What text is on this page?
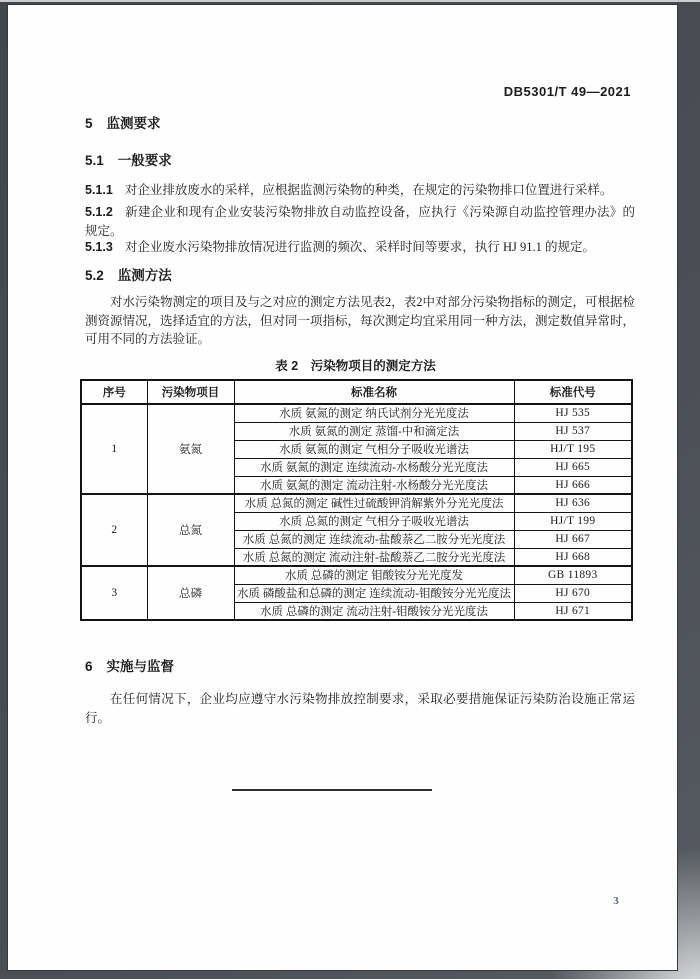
DB5301/T 49—2021
5 监测要求
5.1 一般要求
5.1.1 对企业排放废水的采样，应根据监测污染物的种类，在规定的污染物排口位置进行采样。
5.1.2 新建企业和现有企业安装污染物排放自动监控设备，应执行《污染源自动监控管理办法》的规定。
5.1.3 对企业废水污染物排放情况进行监测的频次、采样时间等要求，执行 HJ 91.1 的规定。
5.2 监测方法
对水污染物测定的项目及与之对应的测定方法见表2，表2中对部分污染物指标的测定，可根据检测资源情况，选择适宜的方法，但对同一项指标，每次测定均宜采用同一种方法，测定数值异常时，可用不同的方法验证。
表 2　污染物项目的测定方法
序号	污染物项目	标准名称	标准代号
1	氨氮	水质 氨氮的测定 纳氏试剂分光光度法	HJ 535
		水质 氨氮的测定 蒸馏-中和滴定法	HJ 537
		水质 氨氮的测定 气相分子吸收光谱法	HJ/T 195
		水质 氨氮的测定 连续流动-水杨酸分光光度法	HJ 665
		水质 氨氮的测定 流动注射-水杨酸分光光度法	HJ 666
2	总氮	水质 总氮的测定 碱性过硫酸钾消解紫外分光光度法	HJ 636
		水质 总氮的测定 气相分子吸收光谱法	HJ/T 199
		水质 总氮的测定 连续流动-盐酸萘乙二胺分光光度法	HJ 667
		水质 总氮的测定 流动注射-盐酸萘乙二胺分光光度法	HJ 668
3	总磷	水质 总磷的测定 钼酸铵分光光度发	GB 11893
		水质 磷酸盐和总磷的测定 连续流动-钼酸铵分光光度法	HJ 670
		水质 总磷的测定 流动注射-钼酸铵分光光度法	HJ 671
6 实施与监督
在任何情况下，企业均应遵守水污染物排放控制要求，采取必要措施保证污染防治设施正常运行。
3
